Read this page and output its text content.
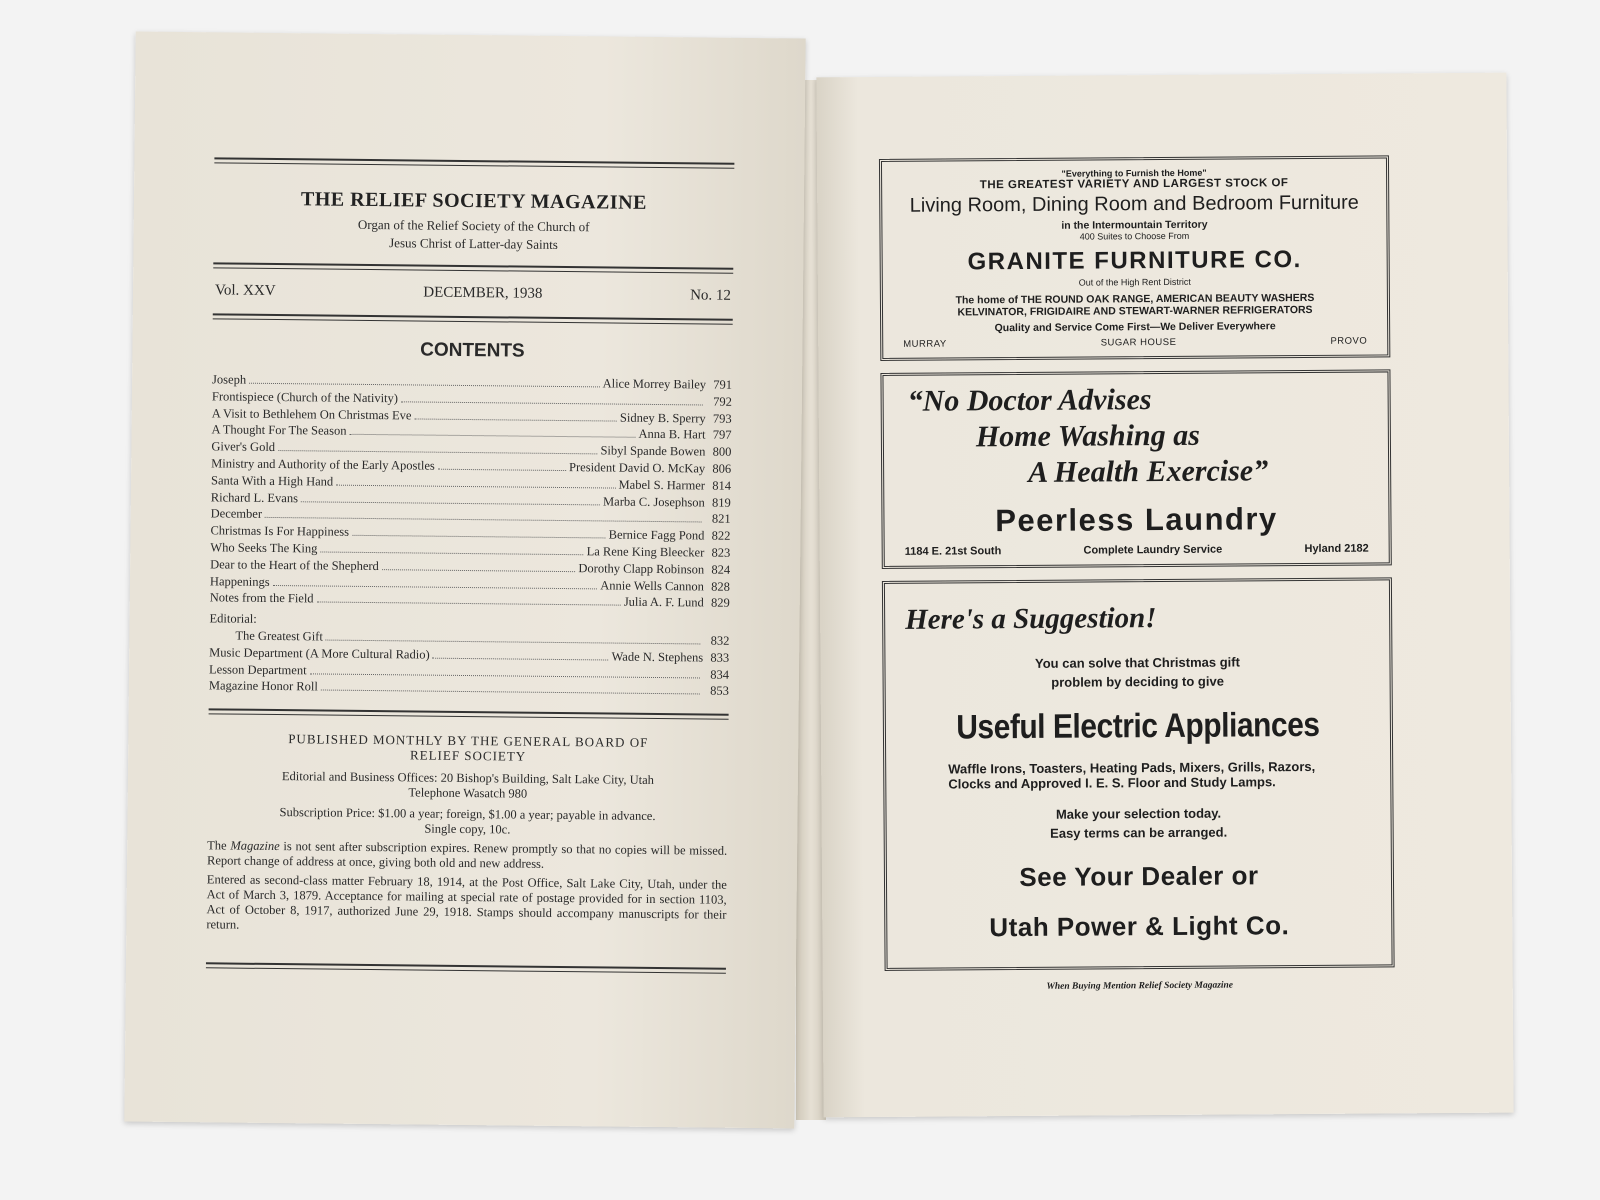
THE RELIEF SOCIETY MAGAZINE
Organ of the Relief Society of the Church of
Jesus Christ of Latter-day Saints
Vol. XXV	DECEMBER, 1938	No. 12
CONTENTS
Joseph	Alice Morrey Bailey 791
Frontispiece (Church of the Nativity)	792
A Visit to Bethlehem On Christmas Eve	Sidney B. Sperry 793
A Thought For The Season	Anna B. Hart 797
Giver's Gold	Sibyl Spande Bowen 800
Ministry and Authority of the Early Apostles	President David O. McKay 806
Santa With a High Hand	Mabel S. Harmer 814
Richard L. Evans	Marba C. Josephson 819
December	821
Christmas Is For Happiness	Bernice Fagg Pond 822
Who Seeks The King	La Rene King Bleecker 823
Dear to the Heart of the Shepherd	Dorothy Clapp Robinson 824
Happenings	Annie Wells Cannon 828
Notes from the Field	Julia A. F. Lund 829
Editorial:
The Greatest Gift	832
Music Department (A More Cultural Radio)	Wade N. Stephens 833
Lesson Department	834
Magazine Honor Roll	853
PUBLISHED MONTHLY BY THE GENERAL BOARD OF
RELIEF SOCIETY
Editorial and Business Offices: 20 Bishop's Building, Salt Lake City, Utah
Telephone Wasatch 980
Subscription Price: $1.00 a year; foreign, $1.00 a year; payable in advance.
Single copy, 10c.
The Magazine is not sent after subscription expires. Renew promptly so that no copies will be missed. Report change of address at once, giving both old and new address.
Entered as second-class matter February 18, 1914, at the Post Office, Salt Lake City, Utah, under the Act of March 3, 1879. Acceptance for mailing at special rate of postage provided for in section 1103, Act of October 8, 1917, authorized June 29, 1918. Stamps should accompany manuscripts for their return.
"Everything to Furnish the Home"
THE GREATEST VARIETY AND LARGEST STOCK OF
Living Room, Dining Room and Bedroom Furniture
in the Intermountain Territory
400 Suites to Choose From
GRANITE FURNITURE CO.
Out of the High Rent District
The home of THE ROUND OAK RANGE, AMERICAN BEAUTY WASHERS
KELVINATOR, FRIGIDAIRE AND STEWART-WARNER REFRIGERATORS
Quality and Service Come First—We Deliver Everywhere
MURRAY	SUGAR HOUSE	PROVO
“No Doctor Advises
Home Washing as
A Health Exercise”
Peerless Laundry
1184 E. 21st South	Complete Laundry Service	Hyland 2182
Here's a Suggestion!
You can solve that Christmas gift
problem by deciding to give
Useful Electric Appliances
Waffle Irons, Toasters, Heating Pads, Mixers, Grills, Razors, Clocks and Approved I. E. S. Floor and Study Lamps.
Make your selection today.
Easy terms can be arranged.
See Your Dealer or
Utah Power & Light Co.
When Buying Mention Relief Society Magazine
